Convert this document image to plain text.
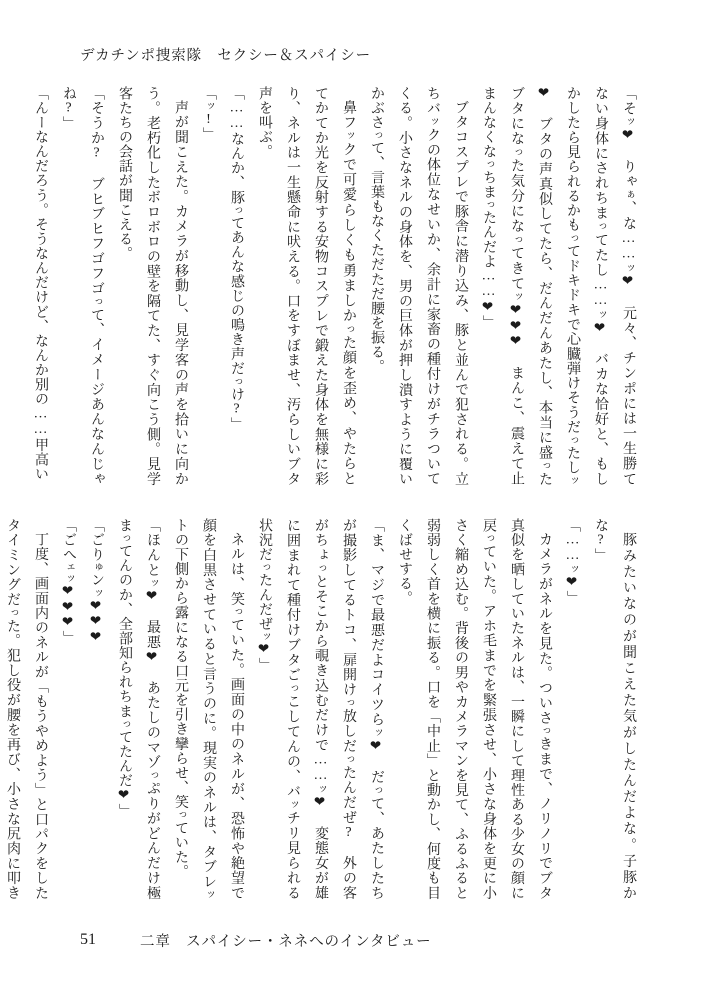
デカチンポ捜索隊　セクシー＆スパイシー

「そッ❤　りゃぁ、な……ッ❤　元々、チンポには一生勝てない身体にされちまってたし……ッ❤　バカな恰好と、もしかしたら見られるかもってドキドキで心臓弾けそうだったしッ❤　ブタの声真似してたら、だんだんあたし、本当に盛ったブタになった気分になってきてッ❤❤❤　まんこ、震えて止まんなくなっちまったんだよ……❤」

ブタコスプレで豚舎に潜り込み、豚と並んで犯される。立ちバックの体位なせいか、余計に家畜の種付けがチラついてくる。小さなネルの身体を、男の巨体が押し潰すように覆いかぶさって、言葉もなくただただ腰を振る。

鼻フックで可愛らしくも勇ましかった顔を歪め、やたらとてかてか光を反射する安物コスプレで鍛えた身体を無様に彩り、ネルは一生懸命に吠える。口をすぼませ、汚らしいブタ声を叫ぶ。

「……なんか、豚ってあんな感じの鳴き声だっけ?」

「ッ!」

声が聞こえた。カメラが移動し、見学客の声を拾いに向かう。老朽化したボロボロの壁を隔てた、すぐ向こう側。見学客たちの会話が聞こえる。

「そうか?　ブヒブヒフゴフゴって、イメージあんなんじゃね?」

「んーなんだろう。そうなんだけど、なんか別の……甲高い

豚みたいなのが聞こえた気がしたんだよな。子豚かな?」

「……ッ❤」

カメラがネルを見た。ついさっきまで、ノリノリでブタ真似を晒していたネルは、一瞬にして理性ある少女の顔に戻っていた。アホ毛までを緊張させ、小さな身体を更に小さく縮め込む。背後の男やカメラマンを見て、ふるふると弱弱しく首を横に振る。口を「中止」と動かし、何度も目くばせする。

「ま、マジで最悪だよコイツらッ❤　だって、あたしたちが撮影してるトコ、扉開けっ放しだったんだぜ?　外の客がちょっとそこから覗き込むだけで……ッ❤　変態女が雄に囲まれて種付けブタごっこしてんの、バッチリ見られる状況だったんだぜッ❤」

ネルは、笑っていた。画面の中のネルが、恐怖や絶望で顔を白黒させていると言うのに。現実のネルは、タブレットの下側から露になる口元を引き攣らせ、笑っていた。

「ほんとッ❤　最悪❤　あたしのマゾっぷりがどんだけ極まってんのか、全部知られちまってたんだ❤」

「ごりゅンッ❤❤❤

「ごへェッ❤❤❤」

丁度、画面内のネルが「もうやめよう」と口パクをしたタイミングだった。犯し役が腰を再び、小さな尻肉に叩き

51	二章　スパイシー・ネネへのインタビュー
